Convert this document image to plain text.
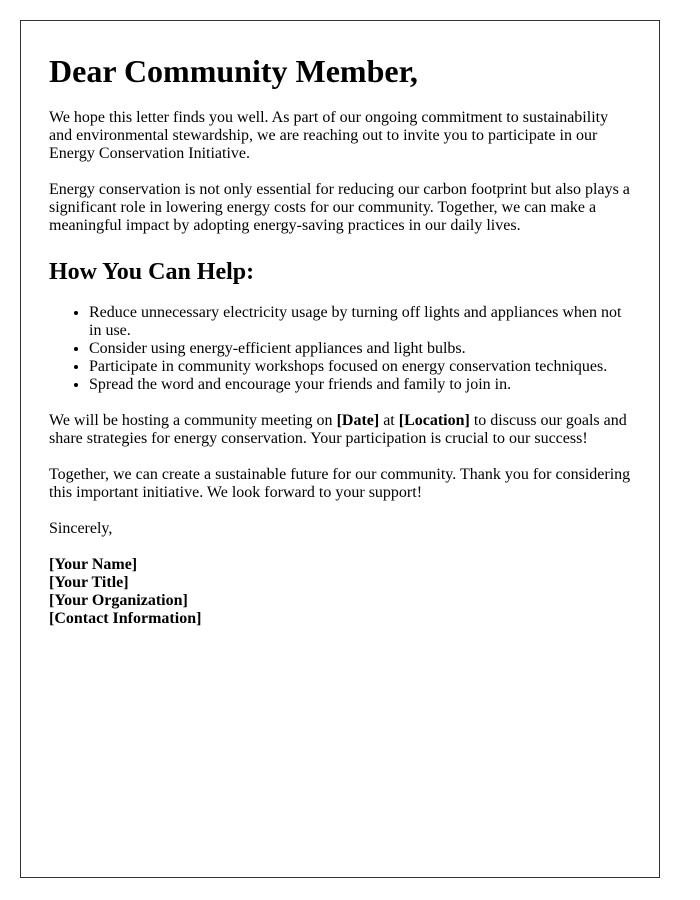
Dear Community Member,

We hope this letter finds you well. As part of our ongoing commitment to sustainability and environmental stewardship, we are reaching out to invite you to participate in our Energy Conservation Initiative.

Energy conservation is not only essential for reducing our carbon footprint but also plays a significant role in lowering energy costs for our community. Together, we can make a meaningful impact by adopting energy-saving practices in our daily lives.

How You Can Help:
• Reduce unnecessary electricity usage by turning off lights and appliances when not in use.
• Consider using energy-efficient appliances and light bulbs.
• Participate in community workshops focused on energy conservation techniques.
• Spread the word and encourage your friends and family to join in.

We will be hosting a community meeting on [Date] at [Location] to discuss our goals and share strategies for energy conservation. Your participation is crucial to our success!

Together, we can create a sustainable future for our community. Thank you for considering this important initiative. We look forward to your support!

Sincerely,

[Your Name]
[Your Title]
[Your Organization]
[Contact Information]
